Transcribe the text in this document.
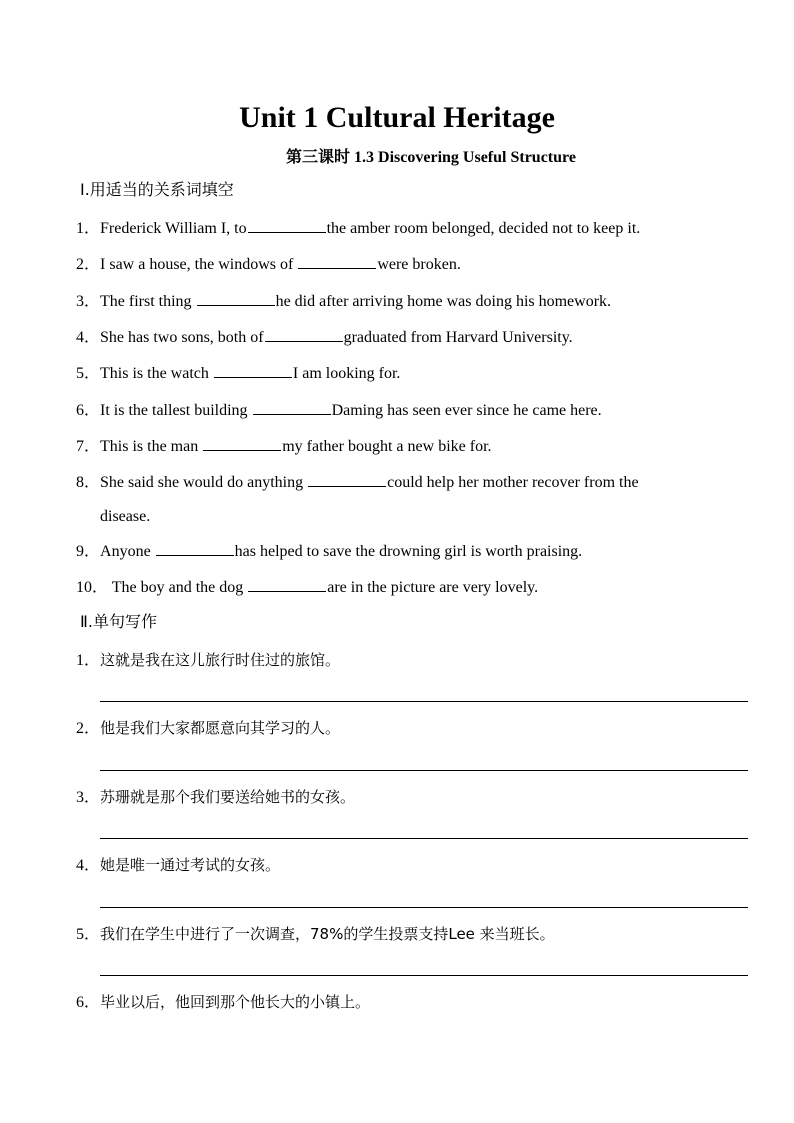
Unit 1 Cultural Heritage
第三课时 1.3 Discovering Useful Structure
Ⅰ.用适当的关系词填空
1．Frederick William I, to	the amber room belonged, decided not to keep it.
2．I saw a house, the windows of	were broken.
3．The first thing	he did after arriving home was doing his homework.
4．She has two sons, both of	graduated from Harvard University.
5．This is the watch	I am looking for.
6．It is the tallest building	Daming has seen ever since he came here.
7．This is the man	my father bought a new bike for.
8．She said she would do anything	could help her mother recover from the
disease.
9．Anyone	has helped to save the drowning girl is worth praising.
10． The boy and the dog	are in the picture are very lovely.
Ⅱ.单句写作
1．这就是我在这儿旅行时住过的旅馆。
2．他是我们大家都愿意向其学习的人。
3．苏珊就是那个我们要送给她书的女孩。
4．她是唯一通过考试的女孩。
5．我们在学生中进行了一次调查，78%的学生投票支持Lee 来当班长。
6．毕业以后，他回到那个他长大的小镇上。
